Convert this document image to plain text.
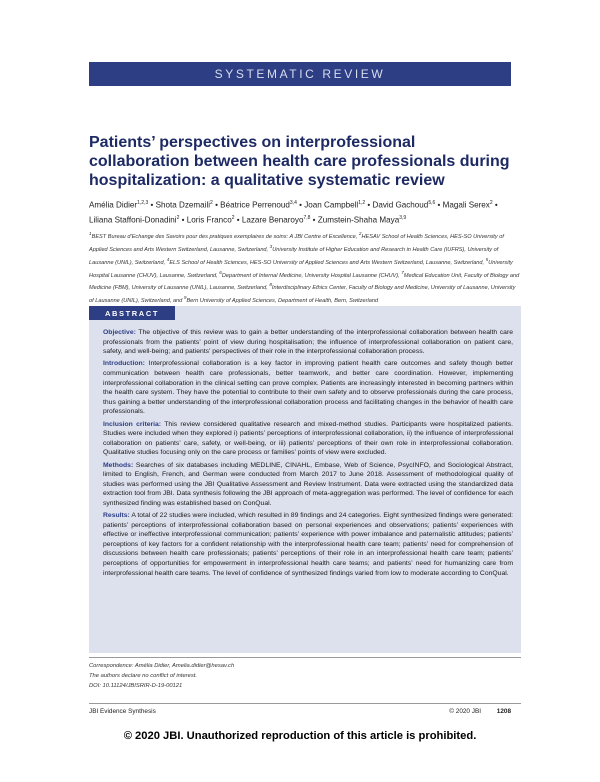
SYSTEMATIC REVIEW
Patients’ perspectives on interprofessional collaboration between health care professionals during hospitalization: a qualitative systematic review
Amélia Didier$^{1,2,3}$ • Shota Dzemaili$^2$ • Béatrice Perrenoud$^{3,4}$ • Joan Campbell$^{1,2}$ • David Gachoud$^{5,6}$ • Magali Serex$^2$ • Liliana Staffoni-Donadini$^2$ • Loris Franco$^2$ • Lazare Benaroyo$^{7,8}$ • Zumstein-Shaha Maya$^{3,9}$
$^1$BEST Bureau d’Echange des Savoirs pour des pratiques exemplaires de soins: A JBI Centre of Excellence, $^2$HESAV School of Health Sciences, HES-SO University of Applied Sciences and Arts Western Switzerland, Lausanne, Switzerland, $^3$University Institute of Higher Education and Research in Health Care (IUFRS), University of Lausanne (UNIL), Switzerland, $^4$ELS School of Health Sciences, HES-SO University of Applied Sciences and Arts Western Switzerland, Lausanne, Switzerland, $^5$University Hospital Lausanne (CHUV), Lausanne, Switzerland, $^6$Department of Internal Medicine, University Hospital Lausanne (CHUV), $^7$Medical Education Unit, Faculty of Biology and Medicine (FBM), University of Lausanne (UNIL), Lausanne, Switzerland, $^8$Interdisciplinary Ethics Center, Faculty of Biology and Medicine, University of Lausanne, University of Lausanne (UNIL), Switzerland, and $^9$Bern University of Applied Sciences, Department of Health, Bern, Switzerland
ABSTRACT

Objective: The objective of this review was to gain a better understanding of the interprofessional collaboration between health care professionals from the patients’ point of view during hospitalisation; the influence of interprofessional collaboration on patient care, safety, and well-being; and patients’ perspectives of their role in the interprofessional collaboration process.

Introduction: Interprofessional collaboration is a key factor in improving patient health care outcomes and safety though better communication between health care professionals, better teamwork, and better care coordination. However, implementing interprofessional collaboration in the clinical setting can prove complex. Patients are increasingly interested in becoming partners within the health care system. They have the potential to contribute to their own safety and to observe professionals during the care process, thus gaining a better understanding of the interprofessional collaboration process and facilitating changes in the behavior of health care professionals.

Inclusion criteria: This review considered qualitative research and mixed-method studies. Participants were hospitalized patients. Studies were included when they explored i) patients’ perceptions of interprofessional collaboration, ii) the influence of interprofessional collaboration on patients’ care, safety, or well-being, or iii) patients’ perceptions of their own role in interprofessional collaboration. Qualitative studies focusing only on the care process or families’ points of view were excluded.

Methods: Searches of six databases including MEDLINE, CINAHL, Embase, Web of Science, PsycINFO, and Sociological Abstract, limited to English, French, and German were conducted from March 2017 to June 2018. Assessment of methodological quality of studies was performed using the JBI Qualitative Assessment and Review Instrument. Data were extracted using the standardized data extraction tool from JBI. Data synthesis following the JBI approach of meta-aggregation was performed. The level of confidence for each synthesized finding was established based on ConQual.

Results: A total of 22 studies were included, which resulted in 89 findings and 24 categories. Eight synthesized findings were generated: patients’ perceptions of interprofessional collaboration based on personal experiences and observations; patients’ experiences with effective or ineffective interprofessional communication; patients’ experience with power imbalance and paternalistic attitudes; patients’ perceptions of key factors for a confident relationship with the interprofessional health care team; patients’ need for comprehension of discussions between health care professionals; patients’ perceptions of their role in an interprofessional health care team; patients’ perceptions of opportunities for empowerment in interprofessional health care teams; and patients’ need for humanizing care from interprofessional health care teams. The level of confidence of synthesized findings varied from low to moderate according to ConQual.

Correspondence: Amélia Didier, Amelia.didier@hesav.ch
The authors declare no conflict of interest.
DOI: 10.11124/JBISRIR-D-19-00121
JBI Evidence Synthesis	© 2020 JBI 1208
© 2020 JBI. Unauthorized reproduction of this article is prohibited.
